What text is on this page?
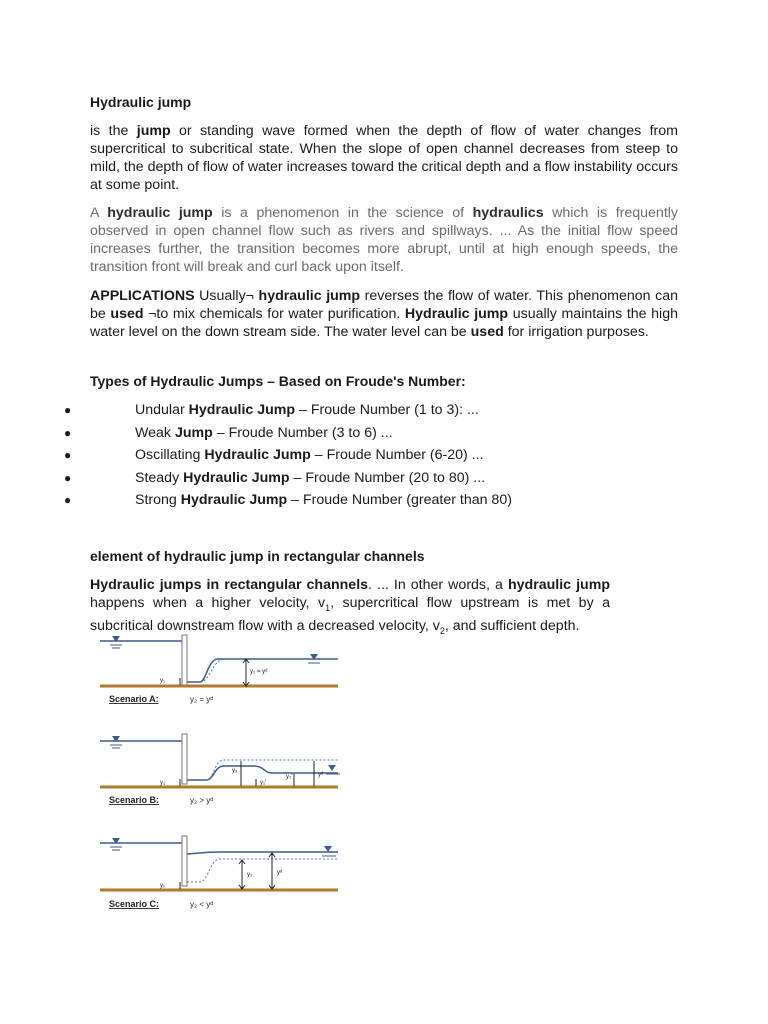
Hydraulic jump
is the jump or standing wave formed when the depth of flow of water changes from supercritical to subcritical state. When the slope of open channel decreases from steep to mild, the depth of flow of water increases toward the critical depth and a flow instability occurs at some point.
A hydraulic jump is a phenomenon in the science of hydraulics which is frequently observed in open channel flow such as rivers and spillways. ... As the initial flow speed increases further, the transition becomes more abrupt, until at high enough speeds, the transition front will break and curl back upon itself.
APPLICATIONS Usually¬ hydraulic jump reverses the flow of water. This phenomenon can be used ¬to mix chemicals for water purification. Hydraulic jump usually maintains the high water level on the down stream side. The water level can be used for irrigation purposes.
Types of Hydraulic Jumps – Based on Froude's Number:
●	Undular Hydraulic Jump – Froude Number (1 to 3): ...
●	Weak Jump – Froude Number (3 to 6) ...
●	Oscillating Hydraulic Jump – Froude Number (6-20) ...
●	Steady Hydraulic Jump – Froude Number (20 to 80) ...
●	Strong Hydraulic Jump – Froude Number (greater than 80)
element of hydraulic jump in rectangular channels
Hydraulic jumps in rectangular channels. ... In other words, a hydraulic jump happens when a higher velocity, $v_1$, supercritical flow upstream is met by a subcritical downstream flow with a decreased velocity, $v_2$, and sufficient depth.
y₁
y₂ = yᵈ
Scenario A:	y₂ = yᵈ
y₁
y₂
y₁'
y₂'	yᵈ
Scenario B:	y₂ > yᵈ
y₁
y₂	yᵈ
Scenario C:	y₂ < yᵈ
